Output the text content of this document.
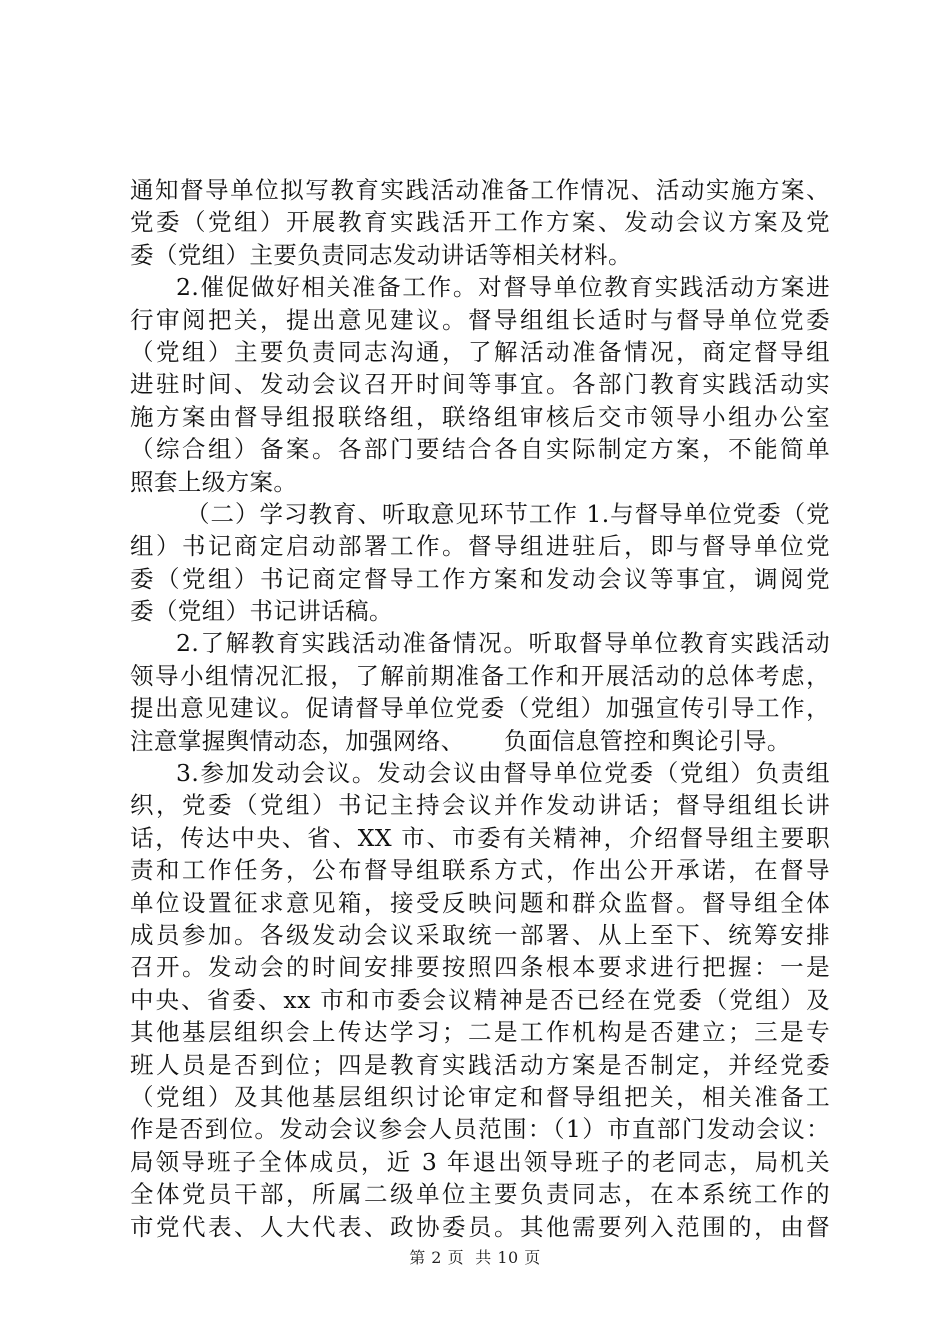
通知督导单位拟写教育实践活动准备工作情况、活动实施方案、
党委（党组）开展教育实践活开工作方案、发动会议方案及党
委（党组）主要负责同志发动讲话等相关材料。
2.催促做好相关准备工作。对督导单位教育实践活动方案进
行审阅把关，提出意见建议。督导组组长适时与督导单位党委
（党组）主要负责同志沟通，了解活动准备情况，商定督导组
进驻时间、发动会议召开时间等事宜。各部门教育实践活动实
施方案由督导组报联络组，联络组审核后交市领导小组办公室
（综合组）备案。各部门要结合各自实际制定方案，不能简单
照套上级方案。
（二）学习教育、听取意见环节工作 1.与督导单位党委（党
组）书记商定启动部署工作。督导组进驻后，即与督导单位党
委（党组）书记商定督导工作方案和发动会议等事宜，调阅党
委（党组）书记讲话稿。
2.了解教育实践活动准备情况。听取督导单位教育实践活动
领导小组情况汇报，了解前期准备工作和开展活动的总体考虑，
提出意见建议。促请督导单位党委（党组）加强宣传引导工作，
注意掌握舆情动态，加强网络、     负面信息管控和舆论引导。
3.参加发动会议。发动会议由督导单位党委（党组）负责组
织，党委（党组）书记主持会议并作发动讲话；督导组组长讲
话，传达中央、省、XX 市、市委有关精神，介绍督导组主要职
责和工作任务，公布督导组联系方式，作出公开承诺，在督导
单位设置征求意见箱，接受反映问题和群众监督。督导组全体
成员参加。各级发动会议采取统一部署、从上至下、统筹安排
召开。发动会的时间安排要按照四条根本要求进行把握：一是
中央、省委、xx 市和市委会议精神是否已经在党委（党组）及
其他基层组织会上传达学习；二是工作机构是否建立；三是专
班人员是否到位；四是教育实践活动方案是否制定，并经党委
（党组）及其他基层组织讨论审定和督导组把关，相关准备工
作是否到位。发动会议参会人员范围：（1）市直部门发动会议：
局领导班子全体成员，近 3 年退出领导班子的老同志，局机关
全体党员干部，所属二级单位主要负责同志，在本系统工作的
市党代表、人大代表、政协委员。其他需要列入范围的，由督
第 2 页  共 10 页
